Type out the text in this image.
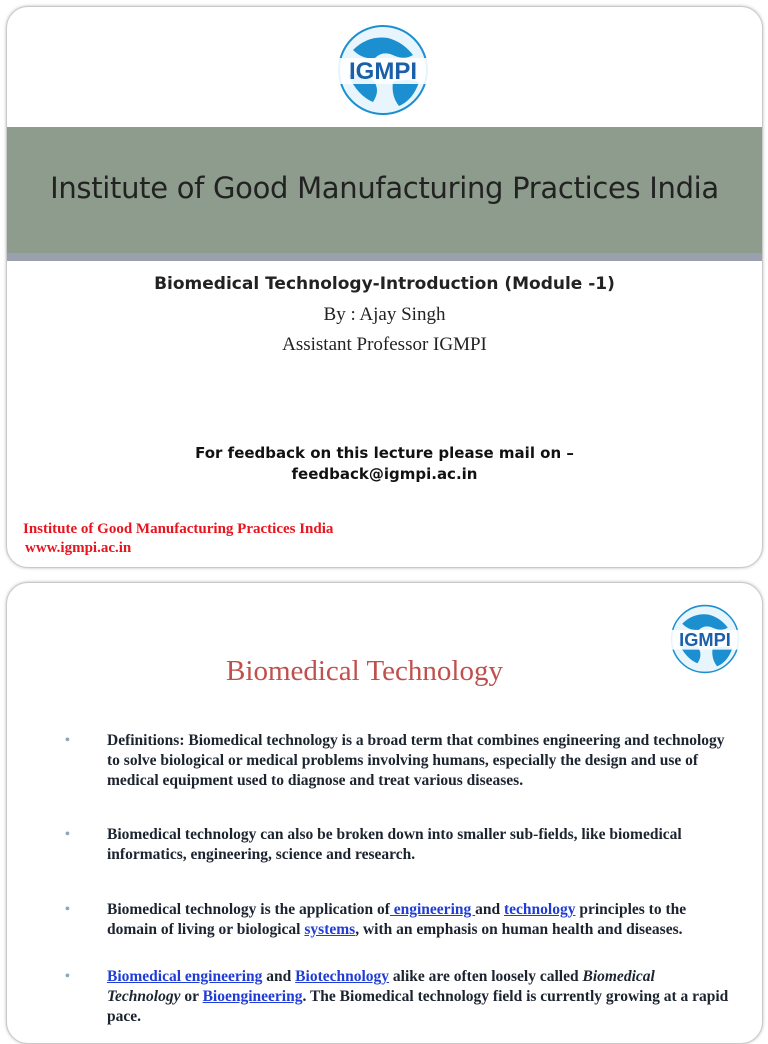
IGMPI
Institute of Good Manufacturing Practices India
Biomedical Technology-Introduction (Module -1)
By : Ajay Singh
Assistant Professor IGMPI
For feedback on this lecture please mail on –
feedback@igmpi.ac.in
Institute of Good Manufacturing Practices India
www.igmpi.ac.in
IGMPI
Biomedical Technology
•	Definitions: Biomedical technology is a broad term that combines engineering and technology to solve biological or medical problems involving humans, especially the design and use of medical equipment used to diagnose and treat various diseases.

•	Biomedical technology can also be broken down into smaller sub-fields, like biomedical informatics, engineering, science and research.

•	Biomedical technology is the application of engineering and technology principles to the domain of living or biological systems, with an emphasis on human health and diseases.

•	Biomedical engineering and Biotechnology alike are often loosely called Biomedical Technology or Bioengineering. The Biomedical technology field is currently growing at a rapid pace.
